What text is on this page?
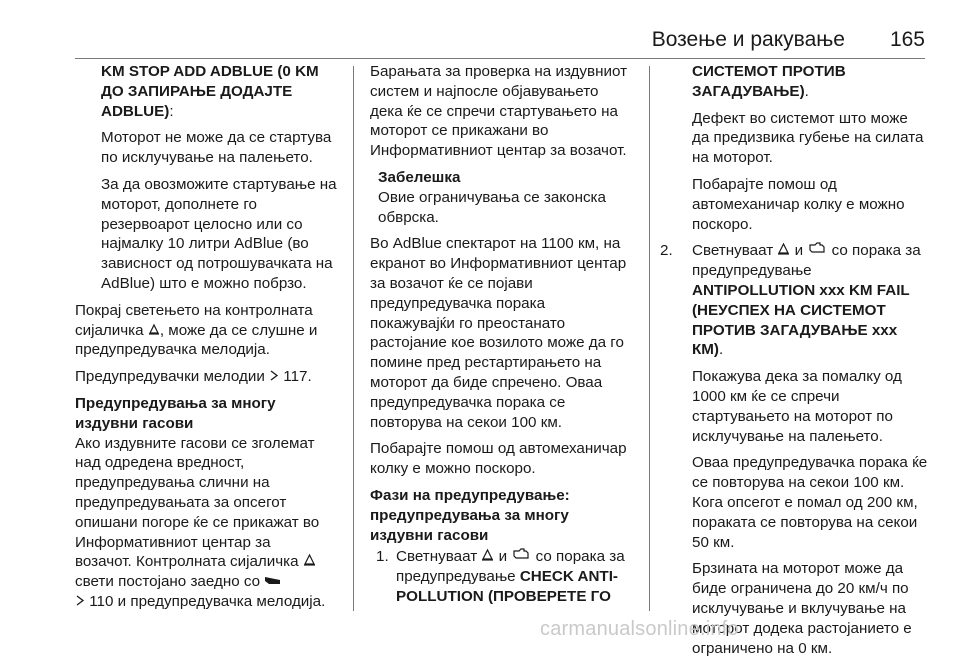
Возење и ракување 165

KM STOP ADD ADBLUE (0 KM ДО ЗАПИРАЊЕ ДОДАЈТЕ ADBLUE):

Моторот не може да се стартува по исклучување на палењето.

За да овозможите стартување на моторот, дополнете го резервоарот целосно или со најмалку 10 литри AdBlue (во зависност од потрошувачката на AdBlue) што е можно побрзо.

Покрај светењето на контролната сијаличка , може да се слушне и предупредувачка мелодија.

Предупредувачки мелодии 117.

Предупредувања за многу издувни гасови

Ако издувните гасови се зголемат над одредена вредност, предупредувања слични на предупредувањата за опсегот опишани погоре ќе се прикажат во Информативниот центар за

возачот. Контролната сијаличка
свети постојано заедно со
110 и предупредувачка мелодија.

Барањата за проверка на издувниот систем и најпосле објавувањето дека ќе се спречи стартувањето на моторот се прикажани во Информативниот центар за возачот.

Забелешка
Овие ограничувања се законска обврска.

Во AdBlue спектарот на 1100 км, на екранот во Информативниот центар за возачот ќе се појави предупредувачка порака покажувајќи го преостанато растојание кое возилото може да го помине пред рестартирањето на моторот да биде спречено. Оваа предупредувачка порака се повторува на секои 100 км.

Побарајте помош од автомеханичар колку е можно поскоро.

Фази на предупредување: предупредувања за многу издувни гасови

1. Светнуваат и со порака за предупредување CHECK ANTI-POLLUTION (ПРОВЕРЕТЕ ГО

СИСТЕМОТ ПРОТИВ ЗАГАДУВАЊЕ).

Дефект во системот што може да предизвика губење на силата на моторот.

Побарајте помош од автомеханичар колку е можно поскоро.

2. Светнуваат и со порака за предупредување ANTIPOLLUTION xxx KM FAIL (НЕУСПЕХ НА СИСТЕМОТ ПРОТИВ ЗАГАДУВАЊЕ xxx КМ).

Покажува дека за помалку од 1000 км ќе се спречи стартувањето на моторот по исклучување на палењето.

Оваа предупредувачка порака ќе се повторува на секои 100 км. Кога опсегот е помал од 200 км, пораката се повторува на секои 50 км.

Брзината на моторот може да биде ограничена до 20 км/ч по исклучување и вклучување на моторот додека растојанието е ограничено на 0 км.

carmanualsonline.info
